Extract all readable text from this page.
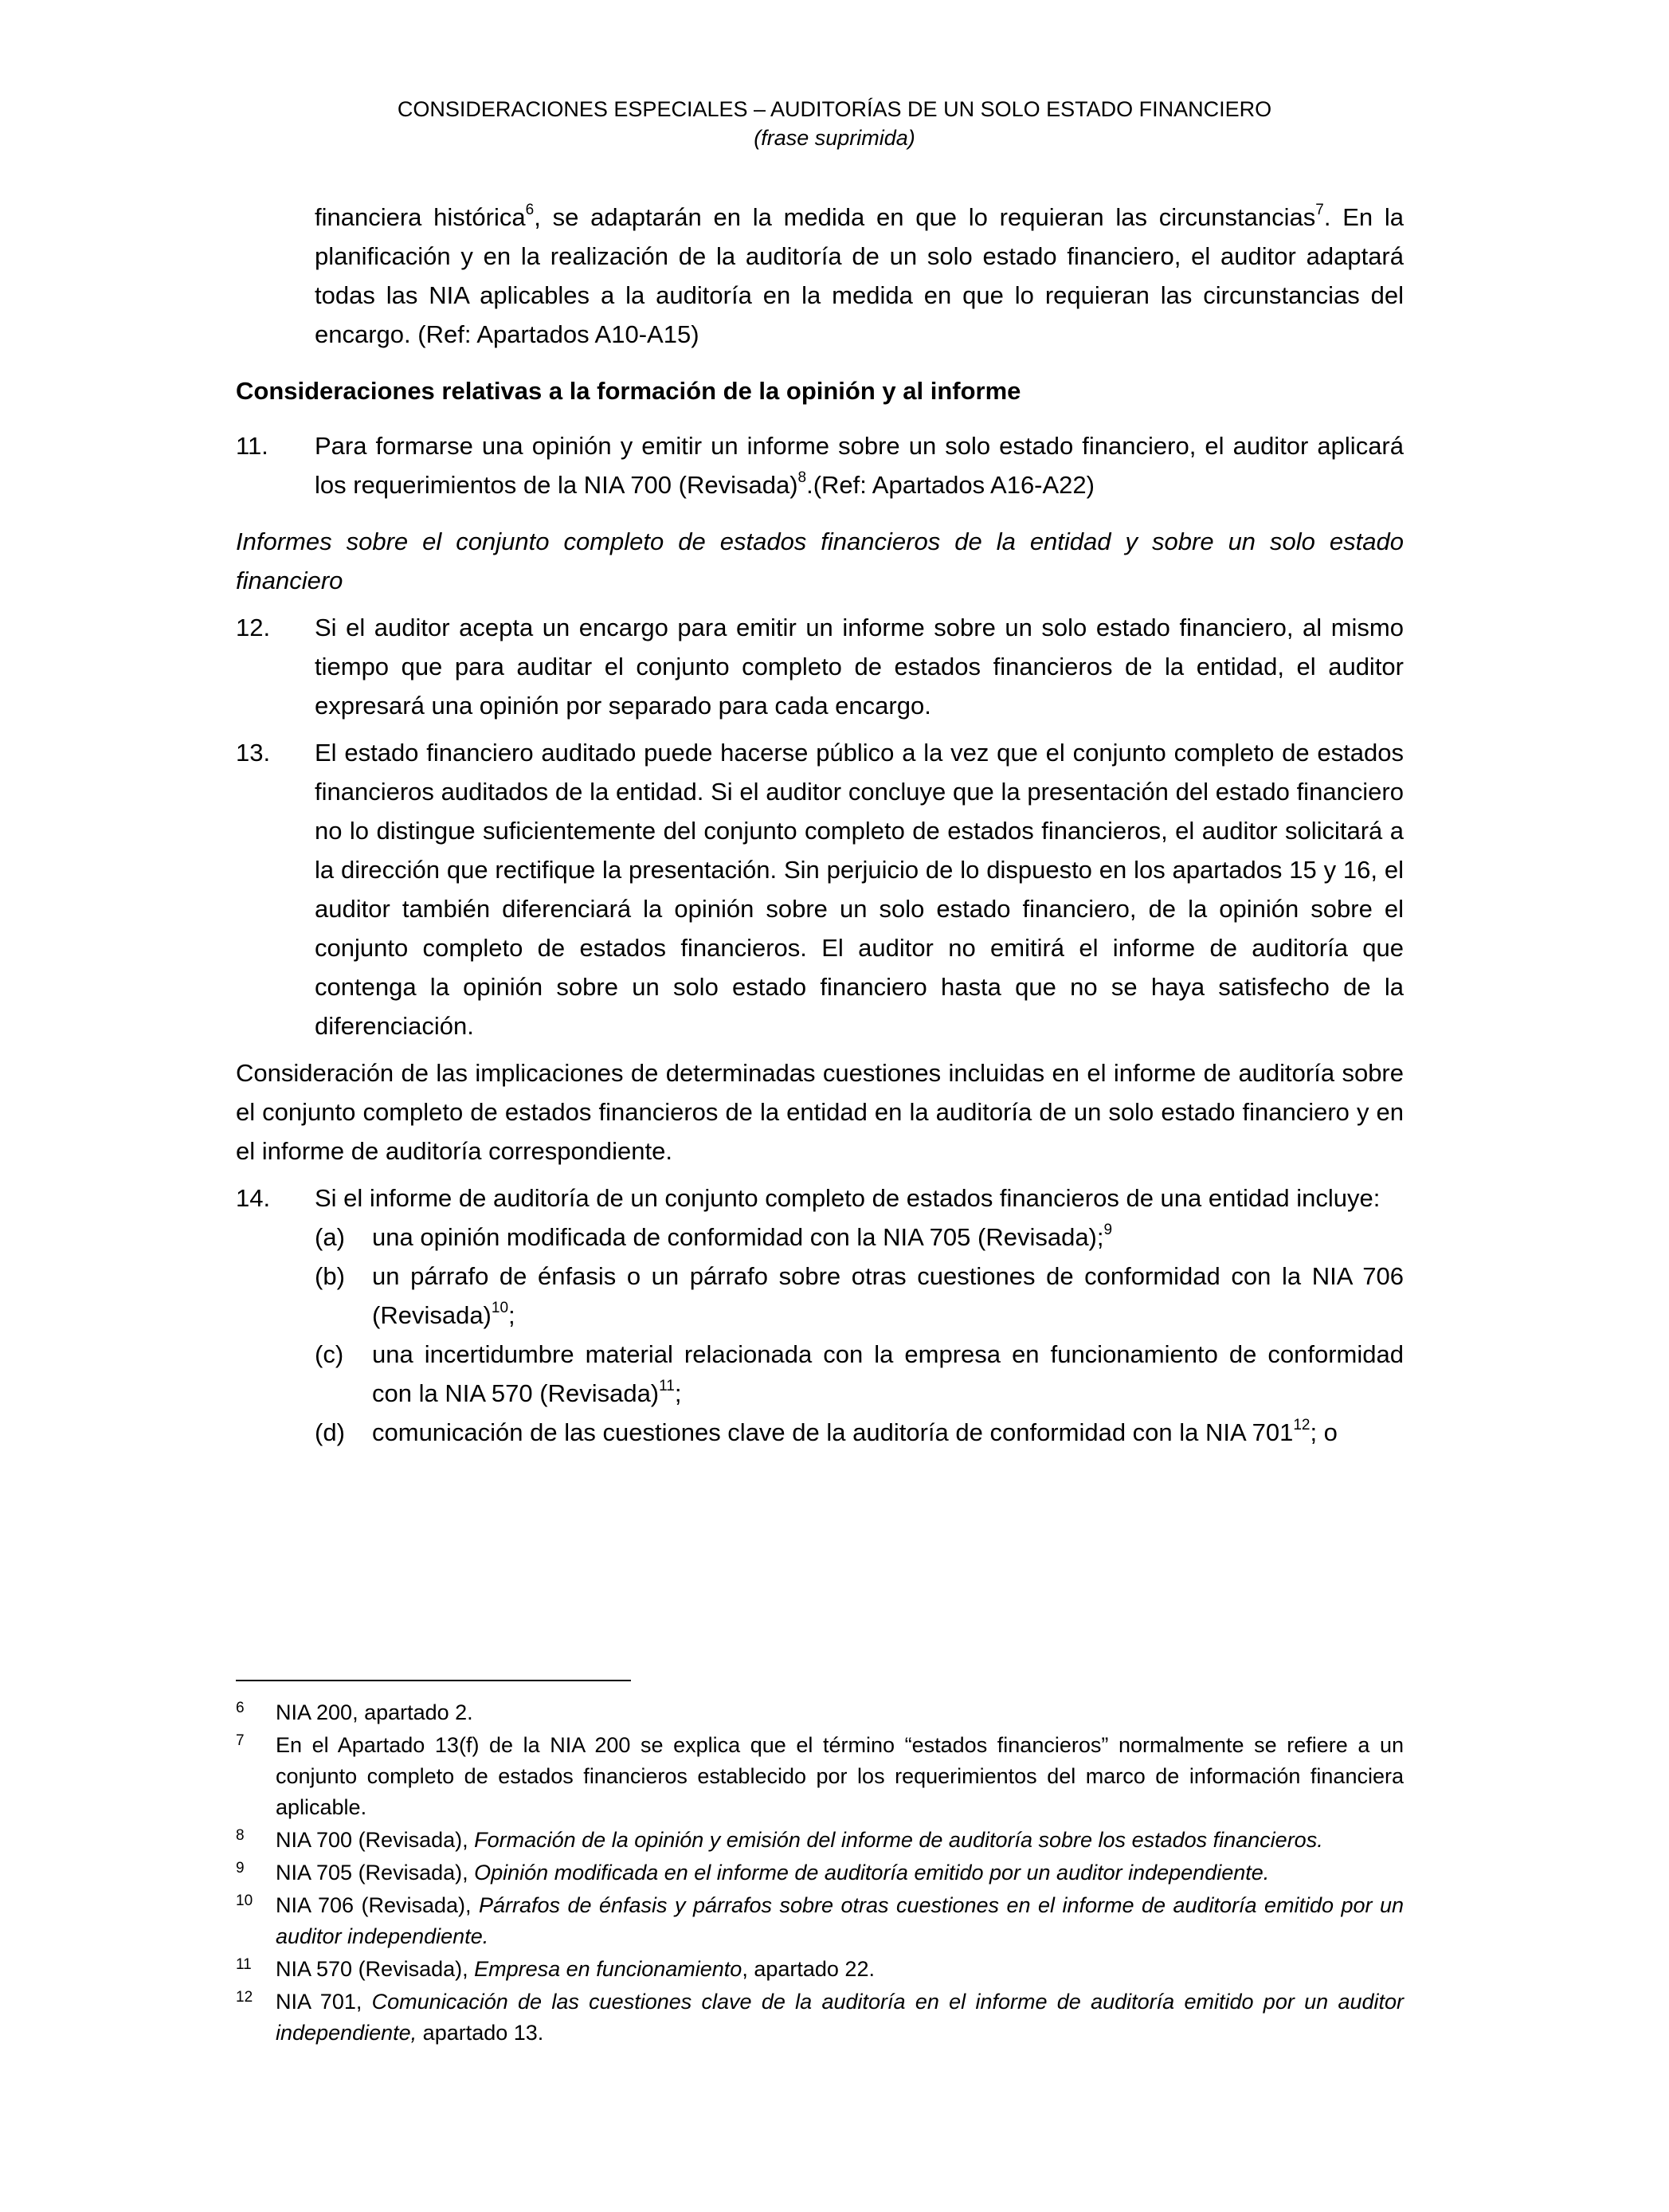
CONSIDERACIONES ESPECIALES – AUDITORÍAS DE UN SOLO ESTADO FINANCIERO
(frase suprimida)

financiera histórica$^6$, se adaptarán en la medida en que lo requieran las circunstancias$^7$. En la planificación y en la realización de la auditoría de un solo estado financiero, el auditor adaptará todas las NIA aplicables a la auditoría en la medida en que lo requieran las circunstancias del encargo. (Ref: Apartados A10-A15)

Consideraciones relativas a la formación de la opinión y al informe

11. Para formarse una opinión y emitir un informe sobre un solo estado financiero, el auditor aplicará los requerimientos de la NIA 700 (Revisada)$^8$.(Ref: Apartados A16-A22)

Informes sobre el conjunto completo de estados financieros de la entidad y sobre un solo estado financiero

12. Si el auditor acepta un encargo para emitir un informe sobre un solo estado financiero, al mismo tiempo que para auditar el conjunto completo de estados financieros de la entidad, el auditor expresará una opinión por separado para cada encargo.

13. El estado financiero auditado puede hacerse público a la vez que el conjunto completo de estados financieros auditados de la entidad. Si el auditor concluye que la presentación del estado financiero no lo distingue suficientemente del conjunto completo de estados financieros, el auditor solicitará a la dirección que rectifique la presentación. Sin perjuicio de lo dispuesto en los apartados 15 y 16, el auditor también diferenciará la opinión sobre un solo estado financiero, de la opinión sobre el conjunto completo de estados financieros. El auditor no emitirá el informe de auditoría que contenga la opinión sobre un solo estado financiero hasta que no se haya satisfecho de la diferenciación.

Consideración de las implicaciones de determinadas cuestiones incluidas en el informe de auditoría sobre el conjunto completo de estados financieros de la entidad en la auditoría de un solo estado financiero y en el informe de auditoría correspondiente.

14. Si el informe de auditoría de un conjunto completo de estados financieros de una entidad incluye:

(a) una opinión modificada de conformidad con la NIA 705 (Revisada);$^9$

(b) un párrafo de énfasis o un párrafo sobre otras cuestiones de conformidad con la NIA 706 (Revisada)$^{10}$;

(c) una incertidumbre material relacionada con la empresa en funcionamiento de conformidad con la NIA 570 (Revisada)$^{11}$;

(d) comunicación de las cuestiones clave de la auditoría de conformidad con la NIA $701^{12}$; o

6 NIA 200, apartado 2.

7 En el Apartado 13(f) de la NIA 200 se explica que el término “estados financieros” normalmente se refiere a un conjunto completo de estados financieros establecido por los requerimientos del marco de información financiera aplicable.

8 NIA 700 (Revisada), Formación de la opinión y emisión del informe de auditoría sobre los estados financieros.

9 NIA 705 (Revisada), Opinión modificada en el informe de auditoría emitido por un auditor independiente.

10 NIA 706 (Revisada), Párrafos de énfasis y párrafos sobre otras cuestiones en el informe de auditoría emitido por un auditor independiente.

11 NIA 570 (Revisada), Empresa en funcionamiento, apartado 22.

12 NIA 701, Comunicación de las cuestiones clave de la auditoría en el informe de auditoría emitido por un auditor independiente, apartado 13.
